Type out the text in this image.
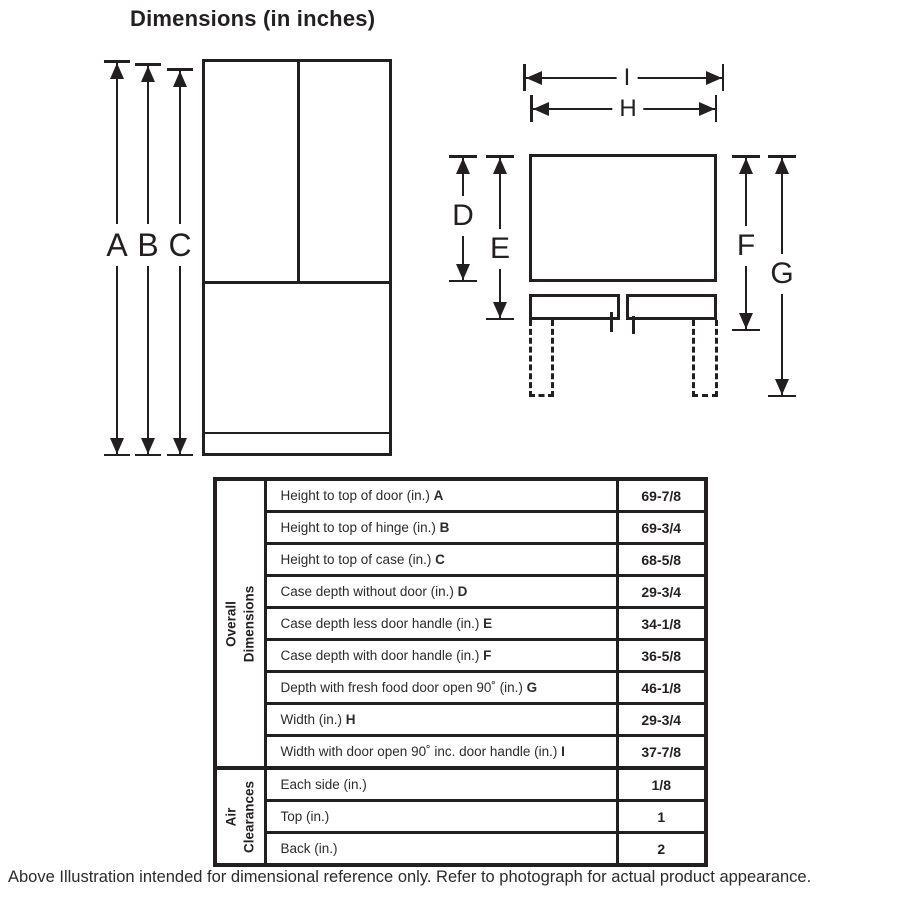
Dimensions (in inches)
A B C
I
H
D
E	F
G
Overall Dimensions	Height to top of door (in.) A	69-7/8
	Height to top of hinge (in.) B	69-3/4
	Height to top of case (in.) C	68-5/8
	Case depth without door (in.) D	29-3/4
	Case depth less door handle (in.) E	34-1/8
	Case depth with door handle (in.) F	36-5/8
	Depth with fresh food door open 90˚ (in.) G	46-1/8
	Width (in.) H	29-3/4
	Width with door open 90˚ inc. door handle (in.) I	37-7/8

Air Clearances	Each side (in.)	1/8
	Top (in.)	1
	Back (in.)	2
Above Illustration intended for dimensional reference only. Refer to photograph for actual product appearance.
